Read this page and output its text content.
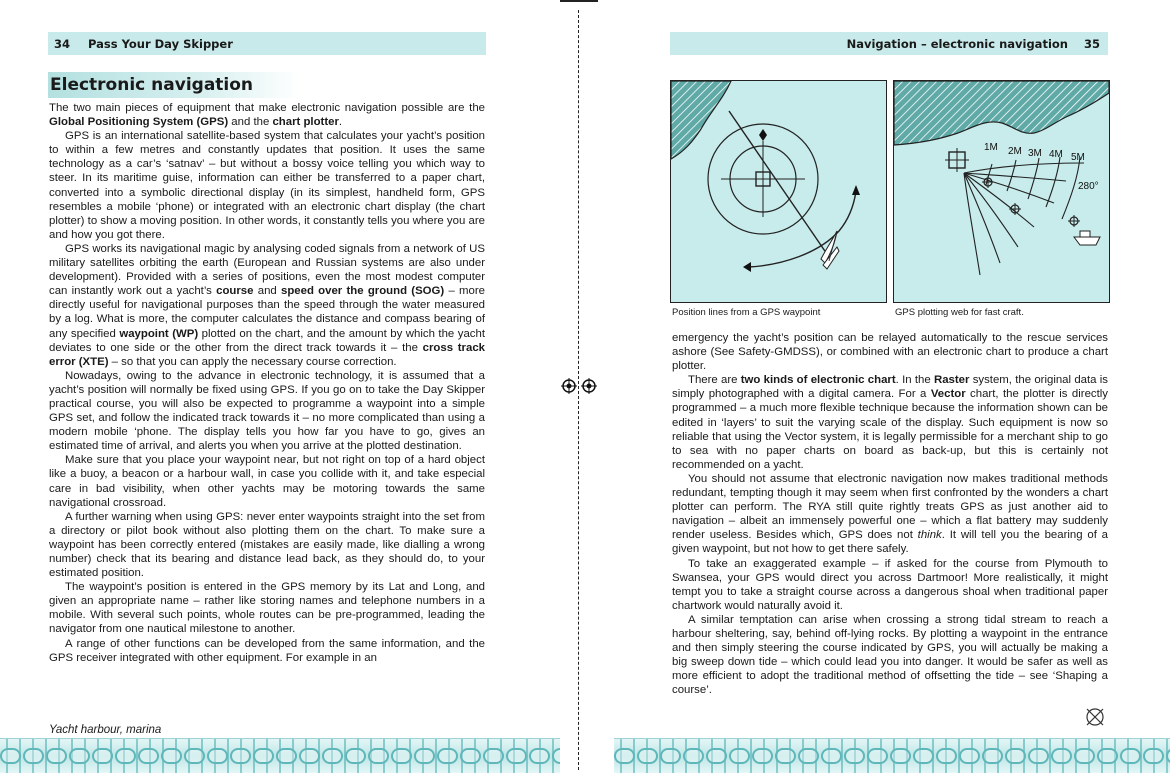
34 Pass Your Day Skipper
Electronic navigation

The two main pieces of equipment that make electronic navigation possible are the Global Positioning System (GPS) and the chart plotter.

GPS is an international satellite-based system that calculates your yacht’s position to within a few metres and constantly updates that position. It uses the same technology as a car’s ‘satnav’ – but without a bossy voice telling you which way to steer. In its maritime guise, information can either be transferred to a paper chart, converted into a symbolic directional display (in its simplest, handheld form, GPS resembles a mobile ‘phone) or integrated with an electronic chart display (the chart plotter) to show a moving position. In other words, it constantly tells you where you are and how you got there.

GPS works its navigational magic by analysing coded signals from a network of US military satellites orbiting the earth (European and Russian systems are also under development). Provided with a series of positions, even the most modest computer can instantly work out a yacht’s course and speed over the ground (SOG) – more directly useful for navigational purposes than the speed through the water measured by a log. What is more, the computer calculates the distance and compass bearing of any specified waypoint (WP) plotted on the chart, and the amount by which the yacht deviates to one side or the other from the direct track towards it – the cross track error (XTE) – so that you can apply the necessary course correction.

Nowadays, owing to the advance in electronic technology, it is assumed that a yacht’s position will normally be fixed using GPS. If you go on to take the Day Skipper practical course, you will also be expected to programme a waypoint into a simple GPS set, and follow the indicated track towards it – no more complicated than using a modern mobile ‘phone. The display tells you how far you have to go, gives an estimated time of arrival, and alerts you when you arrive at the plotted destination.

Make sure that you place your waypoint near, but not right on top of a hard object like a buoy, a beacon or a harbour wall, in case you collide with it, and take especial care in bad visibility, when other yachts may be motoring towards the same navigational crossroad.

A further warning when using GPS: never enter waypoints straight into the set from a directory or pilot book without also plotting them on the chart. To make sure a waypoint has been correctly entered (mistakes are easily made, like dialling a wrong number) check that its bearing and distance lead back, as they should do, to your estimated position.

The waypoint’s position is entered in the GPS memory by its Lat and Long, and given an appropriate name – rather like storing names and telephone numbers in a mobile. With several such points, whole routes can be pre-programmed, leading the navigator from one nautical milestone to another.

A range of other functions can be developed from the same information, and the GPS receiver integrated with other equipment. For example in an

Yacht harbour, marina
Navigation – electronic navigation 35
Position lines from a GPS waypoint
1M 2M 3M 4M 5M
280°
GPS plotting web for fast craft.

emergency the yacht’s position can be relayed automatically to the rescue services ashore (See Safety-GMDSS), or combined with an electronic chart to produce a chart plotter.

There are two kinds of electronic chart. In the Raster system, the original data is simply photographed with a digital camera. For a Vector chart, the plotter is directly programmed – a much more flexible technique because the information shown can be edited in ‘layers’ to suit the varying scale of the display. Such equipment is now so reliable that using the Vector system, it is legally permissible for a merchant ship to go to sea with no paper charts on board as back-up, but this is certainly not recommended on a yacht.

You should not assume that electronic navigation now makes traditional methods redundant, tempting though it may seem when first confronted by the wonders a chart plotter can perform. The RYA still quite rightly treats GPS as just another aid to navigation – albeit an immensely powerful one – which a flat battery may suddenly render useless. Besides which, GPS does not think. It will tell you the bearing of a given waypoint, but not how to get there safely.

To take an exaggerated example – if asked for the course from Plymouth to Swansea, your GPS would direct you across Dartmoor! More realistically, it might tempt you to take a straight course across a dangerous shoal when traditional paper chartwork would naturally avoid it.

A similar temptation can arise when crossing a strong tidal stream to reach a harbour sheltering, say, behind off-lying rocks. By plotting a waypoint in the entrance and then simply steering the course indicated by GPS, you will actually be making a big sweep down tide – which could lead you into danger. It would be safer as well as more efficient to adopt the traditional method of offsetting the tide – see ‘Shaping a course’.
